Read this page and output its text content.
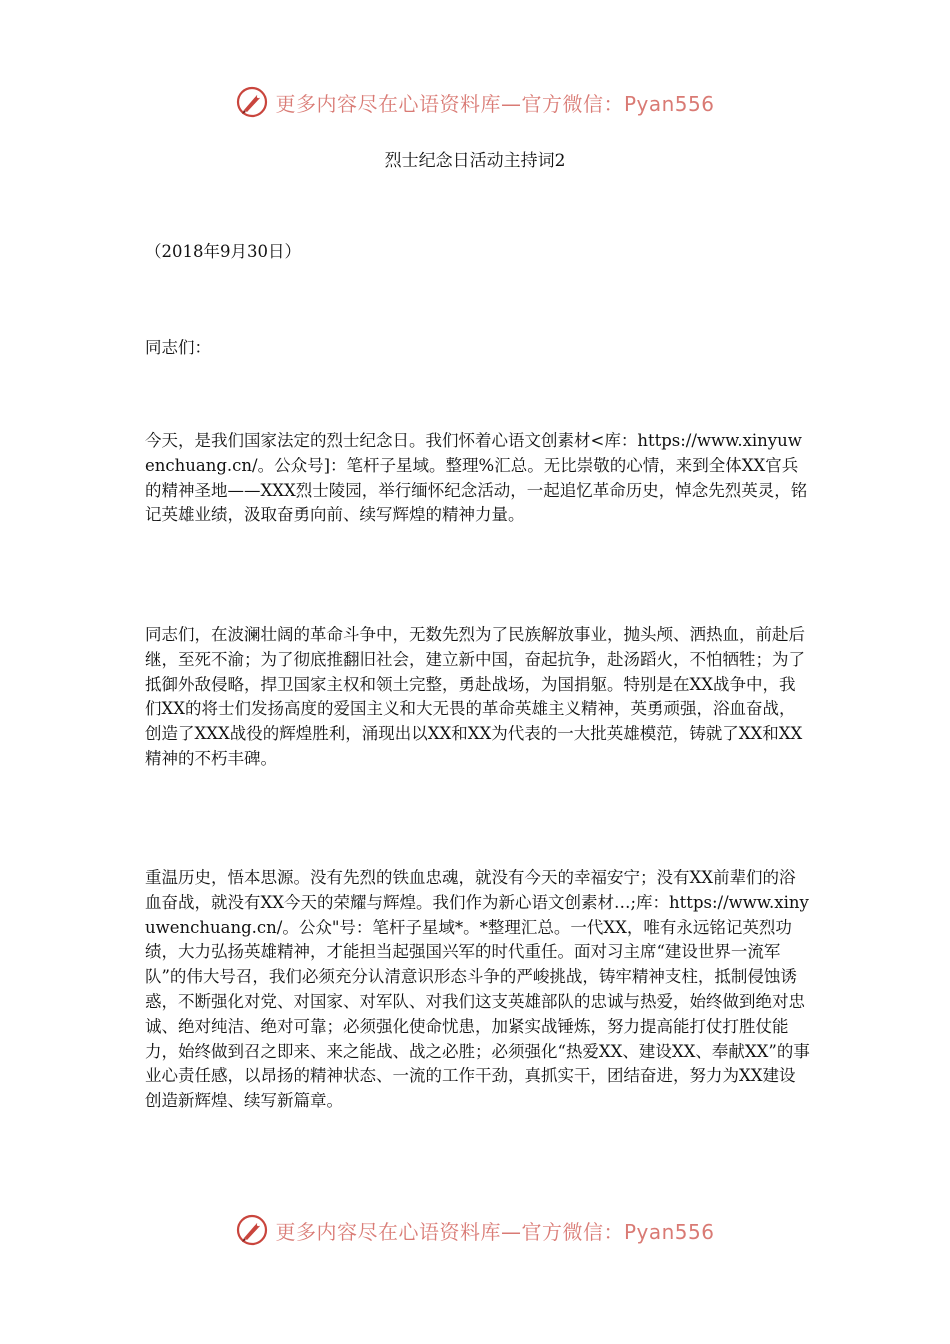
更多内容尽在心语资料库—官方微信：Pyan556
烈士纪念日活动主持词2

（2018年9月30日）

同志们：

今天，是我们国家法定的烈士纪念日。我们怀着心语文创素材<库：https://www.xinyuwenchuang.cn/。公众号]：笔杆子星域。整理%汇总。无比崇敬的心情，来到全体XX官兵的精神圣地——XXX烈士陵园，举行缅怀纪念活动，一起追忆革命历史，悼念先烈英灵，铭记英雄业绩，汲取奋勇向前、续写辉煌的精神力量。

同志们，在波澜壮阔的革命斗争中，无数先烈为了民族解放事业，抛头颅、洒热血，前赴后继，至死不渝；为了彻底推翻旧社会，建立新中国，奋起抗争，赴汤蹈火，不怕牺牲；为了抵御外敌侵略，捍卫国家主权和领土完整，勇赴战场，为国捐躯。特别是在XX战争中，我们XX的将士们发扬高度的爱国主义和大无畏的革命英雄主义精神，英勇顽强，浴血奋战，创造了XXX战役的辉煌胜利，涌现出以XX和XX为代表的一大批英雄模范，铸就了XX和XX精神的不朽丰碑。

重温历史，悟本思源。没有先烈的铁血忠魂，就没有今天的幸福安宁；没有XX前辈们的浴血奋战，就没有XX今天的荣耀与辉煌。我们作为新心语文创素材…;库：https://www.xinyuwenchuang.cn/。公众"号：笔杆子星域*。*整理汇总。一代XX，唯有永远铭记英烈功绩，大力弘扬英雄精神，才能担当起强国兴军的时代重任。面对习主席“建设世界一流军队”的伟大号召，我们必须充分认清意识形态斗争的严峻挑战，铸牢精神支柱，抵制侵蚀诱惑，不断强化对党、对国家、对军队、对我们这支英雄部队的忠诚与热爱，始终做到绝对忠诚、绝对纯洁、绝对可靠；必须强化使命忧患，加紧实战锤炼，努力提高能打仗打胜仗能力，始终做到召之即来、来之能战、战之必胜；必须强化“热爱XX、建设XX、奉献XX”的事业心责任感，以昂扬的精神状态、一流的工作干劲，真抓实干，团结奋进，努力为XX建设创造新辉煌、续写新篇章。

更多内容尽在心语资料库—官方微信：Pyan556
